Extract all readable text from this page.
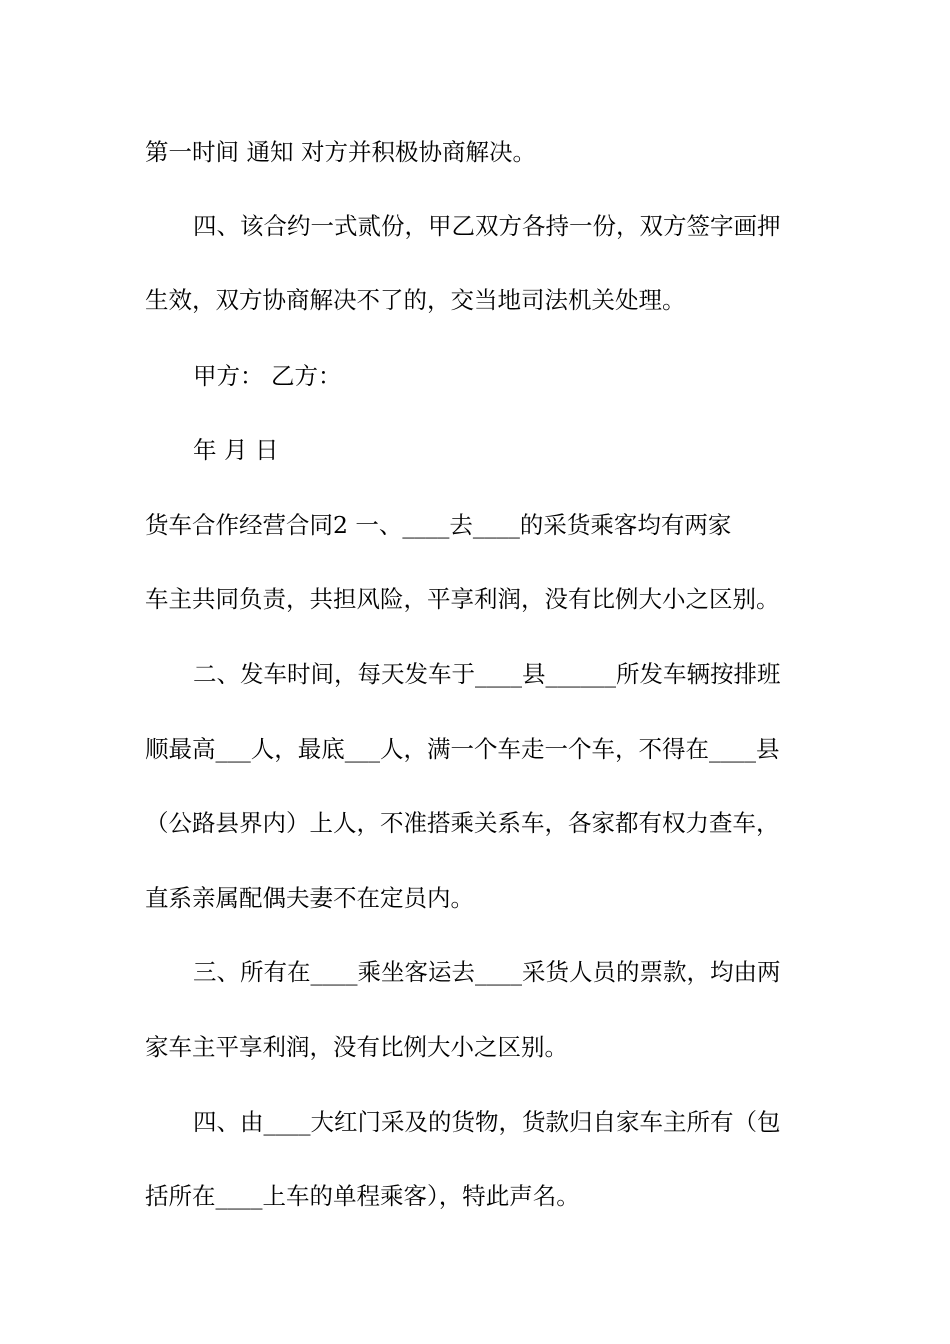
第一时间 通知 对方并积极协商解决。
四、该合约一式贰份，甲乙双方各持一份，双方签字画押
生效，双方协商解决不了的，交当地司法机关处理。
甲方： 乙方：
年 月 日
货车合作经营合同2 一、____去____的采货乘客均有两家
车主共同负责，共担风险，平享利润，没有比例大小之区别。
二、发车时间，每天发车于____县______所发车辆按排班
顺最高___人，最底___人，满一个车走一个车，不得在____县
（公路县界内）上人，不准搭乘关系车，各家都有权力查车，
直系亲属配偶夫妻不在定员内。
三、所有在____乘坐客运去____采货人员的票款，均由两
家车主平享利润，没有比例大小之区别。
四、由____大红门采及的货物，货款归自家车主所有（包
括所在____上车的单程乘客），特此声名。
